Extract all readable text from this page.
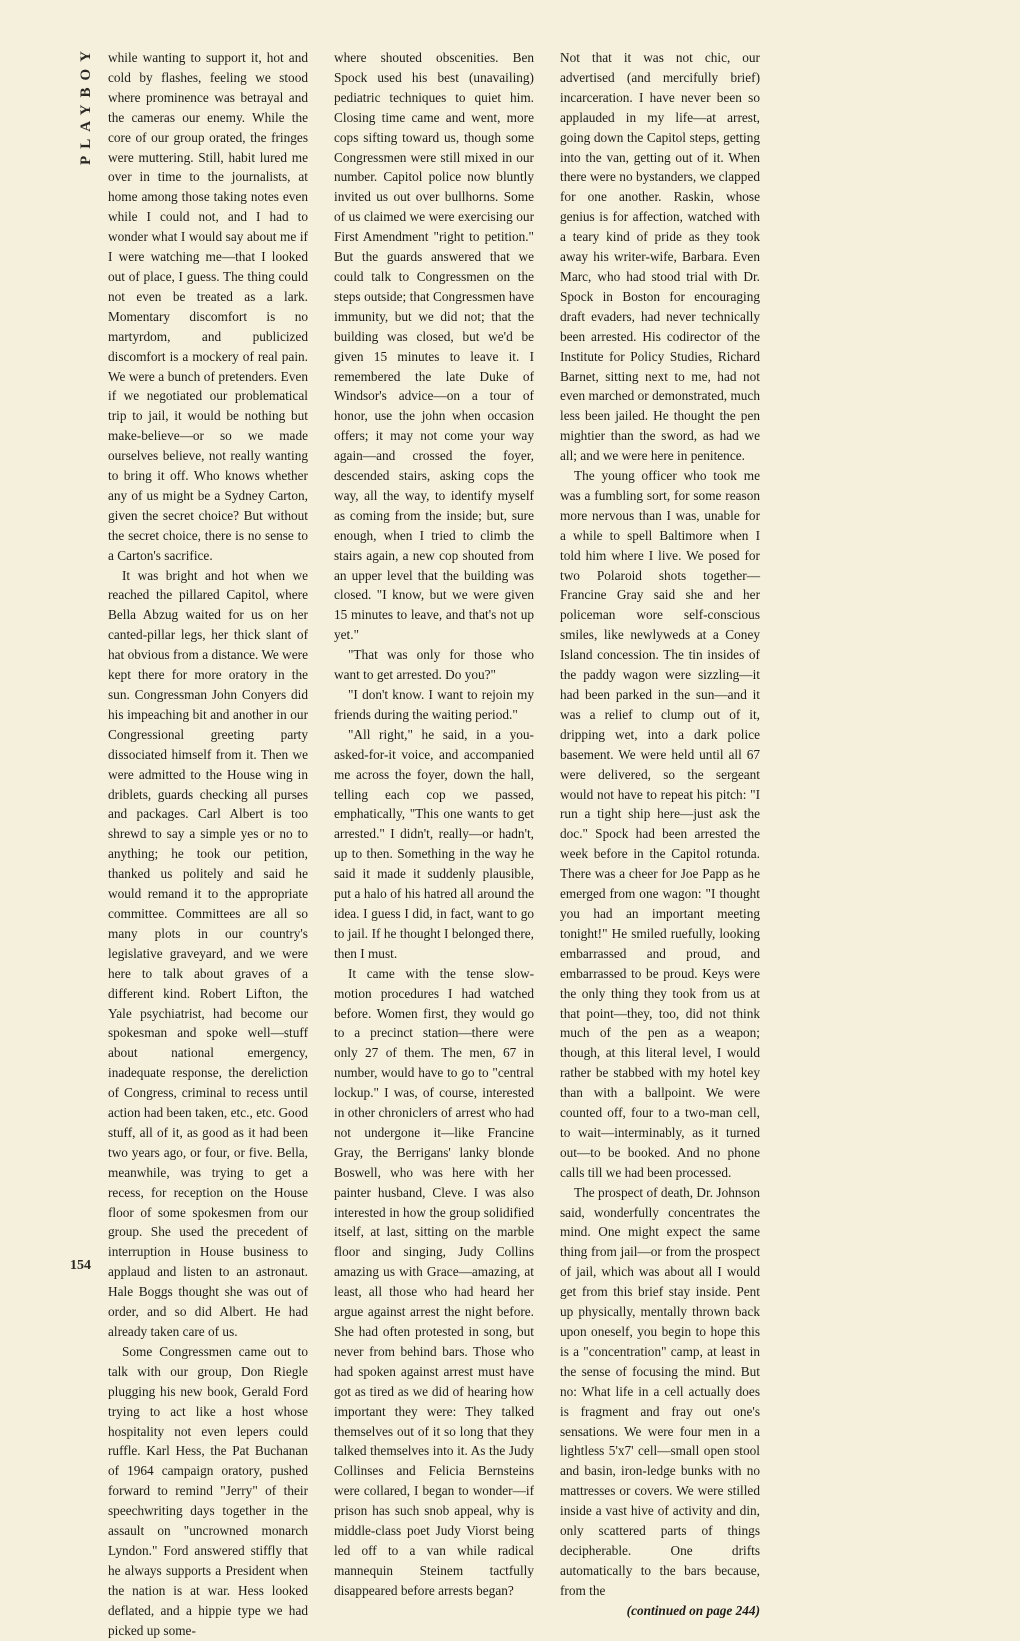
PLAYBOY while wanting to support it, hot and cold by flashes, feeling we stood where prominence was betrayal and the cameras our enemy. While the core of our group orated, the fringes were muttering. Still, habit lured me over in time to the journalists, at home among those taking notes even while I could not, and I had to wonder what I would say about me if I were watching me—that I looked out of place, I guess. The thing could not even be treated as a lark. Momentary discomfort is no martyrdom, and publicized discomfort is a mockery of real pain. We were a bunch of pretenders. Even if we negotiated our problematical trip to jail, it would be nothing but make-believe—or so we made ourselves believe, not really wanting to bring it off. Who knows whether any of us might be a Sydney Carton, given the secret choice? But without the secret choice, there is no sense to a Carton's sacrifice.

It was bright and hot when we reached the pillared Capitol, where Bella Abzug waited for us on her canted-pillar legs, her thick slant of hat obvious from a distance. We were kept there for more oratory in the sun. Congressman John Conyers did his impeaching bit and another in our Congressional greeting party dissociated himself from it. Then we were admitted to the House wing in driblets, guards checking all purses and packages. Carl Albert is too shrewd to say a simple yes or no to anything; he took our petition, thanked us politely and said he would remand it to the appropriate committee. Committees are all so many plots in our country's legislative graveyard, and we were here to talk about graves of a different kind. Robert Lifton, the Yale psychiatrist, had become our spokesman and spoke well—stuff about national emergency, inadequate response, the dereliction of Congress, criminal to recess until action had been taken, etc., etc. Good stuff, all of it, as good as it had been two years ago, or four, or five. Bella, meanwhile, was trying to get a recess, for reception on the House floor of some spokesmen from our group. She used the precedent of interruption in House business to applaud and listen to an astronaut. Hale Boggs thought she was out of order, and so did Albert. He had already taken care of us.

Some Congressmen came out to talk with our group, Don Riegle plugging his new book, Gerald Ford trying to act like a host whose hospitality not even lepers could ruffle. Karl Hess, the Pat Buchanan of 1964 campaign oratory, pushed forward to remind "Jerry" of their speechwriting days together in the assault on "uncrowned monarch Lyndon." Ford answered stiffly that he always supports a President when the nation is at war. Hess looked deflated, and a hippie type we had picked up some-

where shouted obscenities. Ben Spock used his best (unavailing) pediatric techniques to quiet him. Closing time came and went, more cops sifting toward us, though some Congressmen were still mixed in our number. Capitol police now bluntly invited us out over bullhorns. Some of us claimed we were exercising our First Amendment "right to petition." But the guards answered that we could talk to Congressmen on the steps outside; that Congressmen have immunity, but we did not; that the building was closed, but we'd be given 15 minutes to leave it. I remembered the late Duke of Windsor's advice—on a tour of honor, use the john when occasion offers; it may not come your way again—and crossed the foyer, descended stairs, asking cops the way, all the way, to identify myself as coming from the inside; but, sure enough, when I tried to climb the stairs again, a new cop shouted from an upper level that the building was closed. "I know, but we were given 15 minutes to leave, and that's not up yet."

"That was only for those who want to get arrested. Do you?"

"I don't know. I want to rejoin my friends during the waiting period."

"All right," he said, in a you-asked-for-it voice, and accompanied me across the foyer, down the hall, telling each cop we passed, emphatically, "This one wants to get arrested." I didn't, really—or hadn't, up to then. Something in the way he said it made it suddenly plausible, put a halo of his hatred all around the idea. I guess I did, in fact, want to go to jail. If he thought I belonged there, then I must.

It came with the tense slow-motion procedures I had watched before. Women first, they would go to a precinct station—there were only 27 of them. The men, 67 in number, would have to go to "central lockup." I was, of course, interested in other chroniclers of arrest who had not undergone it—like Francine Gray, the Berrigans' lanky blonde Boswell, who was here with her painter husband, Cleve. I was also interested in how the group solidified itself, at last, sitting on the marble floor and singing, Judy Collins amazing us with Grace—amazing, at least, all those who had heard her argue against arrest the night before. She had often protested in song, but never from behind bars. Those who had spoken against arrest must have got as tired as we did of hearing how important they were: They talked themselves out of it so long that they talked themselves into it. As the Judy Collinses and Felicia Bernsteins were collared, I began to wonder—if prison has such snob appeal, why is middle-class poet Judy Viorst being led off to a van while radical mannequin Steinem tactfully disappeared before arrests began?

Not that it was not chic, our advertised (and mercifully brief) incarceration. I have never been so applauded in my life—at arrest, going down the Capitol steps, getting into the van, getting out of it. When there were no bystanders, we clapped for one another. Raskin, whose genius is for affection, watched with a teary kind of pride as they took away his writer-wife, Barbara. Even Marc, who had stood trial with Dr. Spock in Boston for encouraging draft evaders, had never technically been arrested. His codirector of the Institute for Policy Studies, Richard Barnet, sitting next to me, had not even marched or demonstrated, much less been jailed. He thought the pen mightier than the sword, as had we all; and we were here in penitence.

The young officer who took me was a fumbling sort, for some reason more nervous than I was, unable for a while to spell Baltimore when I told him where I live. We posed for two Polaroid shots together—Francine Gray said she and her policeman wore self-conscious smiles, like newlyweds at a Coney Island concession. The tin insides of the paddy wagon were sizzling—it had been parked in the sun—and it was a relief to clump out of it, dripping wet, into a dark police basement. We were held until all 67 were delivered, so the sergeant would not have to repeat his pitch: "I run a tight ship here—just ask the doc." Spock had been arrested the week before in the Capitol rotunda. There was a cheer for Joe Papp as he emerged from one wagon: "I thought you had an important meeting tonight!" He smiled ruefully, looking embarrassed and proud, and embarrassed to be proud. Keys were the only thing they took from us at that point—they, too, did not think much of the pen as a weapon; though, at this literal level, I would rather be stabbed with my hotel key than with a ballpoint. We were counted off, four to a two-man cell, to wait—interminably, as it turned out—to be booked. And no phone calls till we had been processed.

The prospect of death, Dr. Johnson said, wonderfully concentrates the mind. One might expect the same thing from jail—or from the prospect of jail, which was about all I would get from this brief stay inside. Pent up physically, mentally thrown back upon oneself, you begin to hope this is a "concentration" camp, at least in the sense of focusing the mind. But no: What life in a cell actually does is fragment and fray out one's sensations. We were four men in a lightless 5'x7' cell—small open stool and basin, iron-ledge bunks with no mattresses or covers. We were stilled inside a vast hive of activity and din, only scattered parts of things decipherable. One drifts automatically to the bars because, from the

(continued on page 244)
154
